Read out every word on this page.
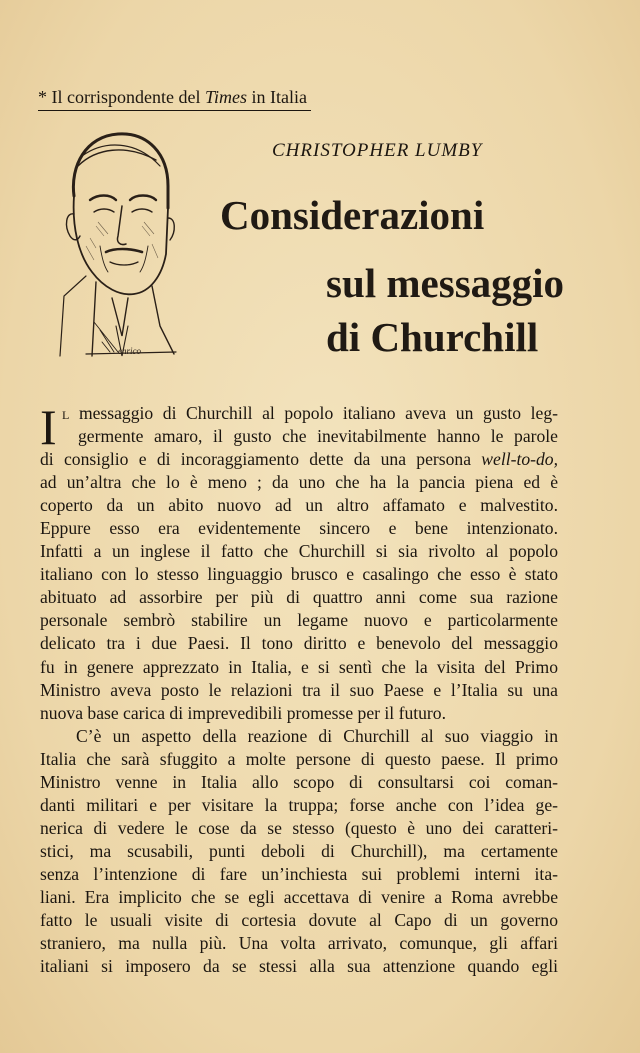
* Il corrispondente del Times in Italia
enrico
CHRISTOPHER LUMBY
Considerazioni
sul messaggio
di Churchill
I l messaggio di Churchill al popolo italiano aveva un gusto leg-
germente amaro, il gusto che inevitabilmente hanno le parole
di consiglio e di incoraggiamento dette da una persona well-to-do,
ad un’altra che lo è meno ; da uno che ha la pancia piena ed è
coperto da un abito nuovo ad un altro affamato e malvestito.
Eppure esso era evidentemente sincero e bene intenzionato.
Infatti a un inglese il fatto che Churchill si sia rivolto al popolo
italiano con lo stesso linguaggio brusco e casalingo che esso è stato
abituato ad assorbire per più di quattro anni come sua razione
personale sembrò stabilire un legame nuovo e particolarmente
delicato tra i due Paesi. Il tono diritto e benevolo del messaggio
fu in genere apprezzato in Italia, e si sentì che la visita del Primo
Ministro aveva posto le relazioni tra il suo Paese e l’Italia su una
nuova base carica di imprevedibili promesse per il futuro.
C’è un aspetto della reazione di Churchill al suo viaggio in
Italia che sarà sfuggito a molte persone di questo paese. Il primo
Ministro venne in Italia allo scopo di consultarsi coi coman-
danti militari e per visitare la truppa; forse anche con l’idea ge-
nerica di vedere le cose da se stesso (questo è uno dei caratteri-
stici, ma scusabili, punti deboli di Churchill), ma certamente
senza l’intenzione di fare un’inchiesta sui problemi interni ita-
liani. Era implicito che se egli accettava di venire a Roma avrebbe
fatto le usuali visite di cortesia dovute al Capo di un governo
straniero, ma nulla più. Una volta arrivato, comunque, gli affari
italiani si imposero da se stessi alla sua attenzione quando egli
